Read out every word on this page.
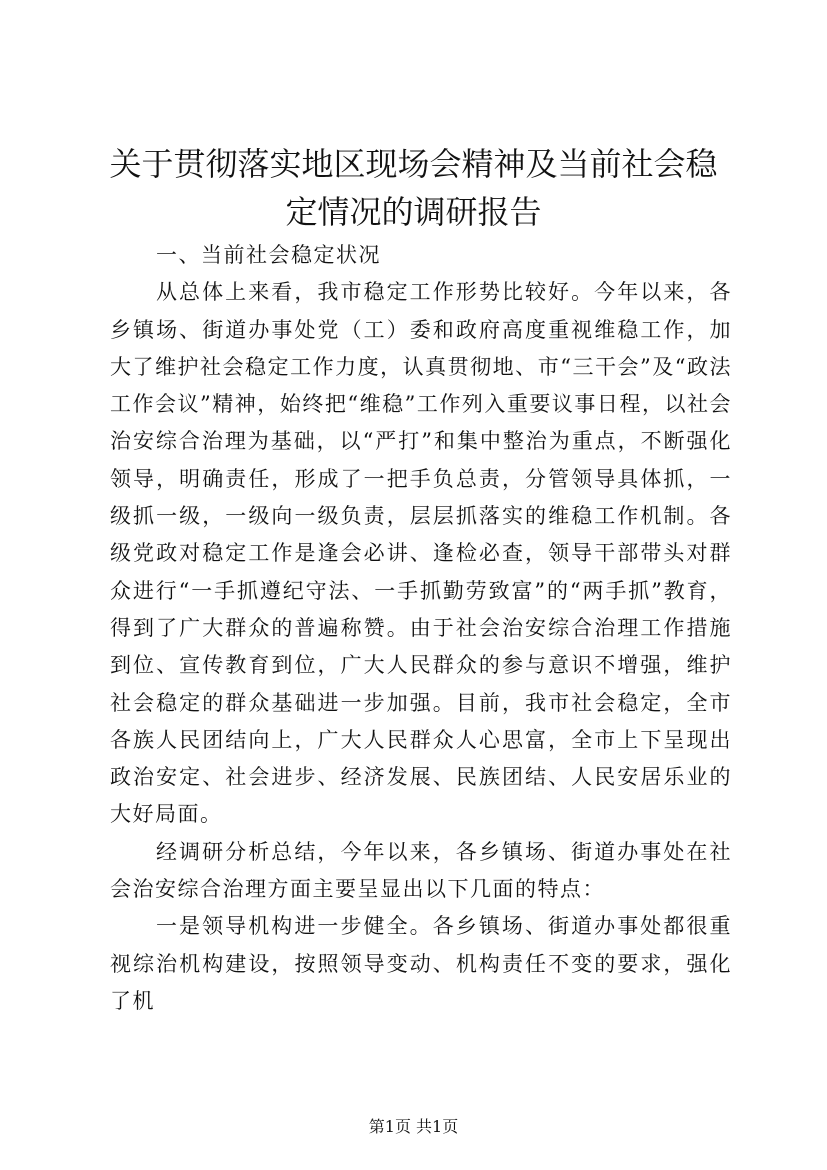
关于贯彻落实地区现场会精神及当前社会稳定情况的调研报告

一、当前社会稳定状况

从总体上来看，我市稳定工作形势比较好。今年以来，各乡镇场、街道办事处党（工）委和政府高度重视维稳工作，加大了维护社会稳定工作力度，认真贯彻地、市“三干会”及“政法工作会议”精神，始终把“维稳”工作列入重要议事日程，以社会治安综合治理为基础，以“严打”和集中整治为重点，不断强化领导，明确责任，形成了一把手负总责，分管领导具体抓，一级抓一级，一级向一级负责，层层抓落实的维稳工作机制。各级党政对稳定工作是逢会必讲、逢检必查，领导干部带头对群众进行“一手抓遵纪守法、一手抓勤劳致富”的“两手抓”教育，得到了广大群众的普遍称赞。由于社会治安综合治理工作措施到位、宣传教育到位，广大人民群众的参与意识不增强，维护社会稳定的群众基础进一步加强。目前，我市社会稳定，全市各族人民团结向上，广大人民群众人心思富，全市上下呈现出政治安定、社会进步、经济发展、民族团结、人民安居乐业的大好局面。

经调研分析总结，今年以来，各乡镇场、街道办事处在社会治安综合治理方面主要呈显出以下几面的特点：

一是领导机构进一步健全。各乡镇场、街道办事处都很重视综治机构建设，按照领导变动、机构责任不变的要求，强化了机

第1页 共1页
